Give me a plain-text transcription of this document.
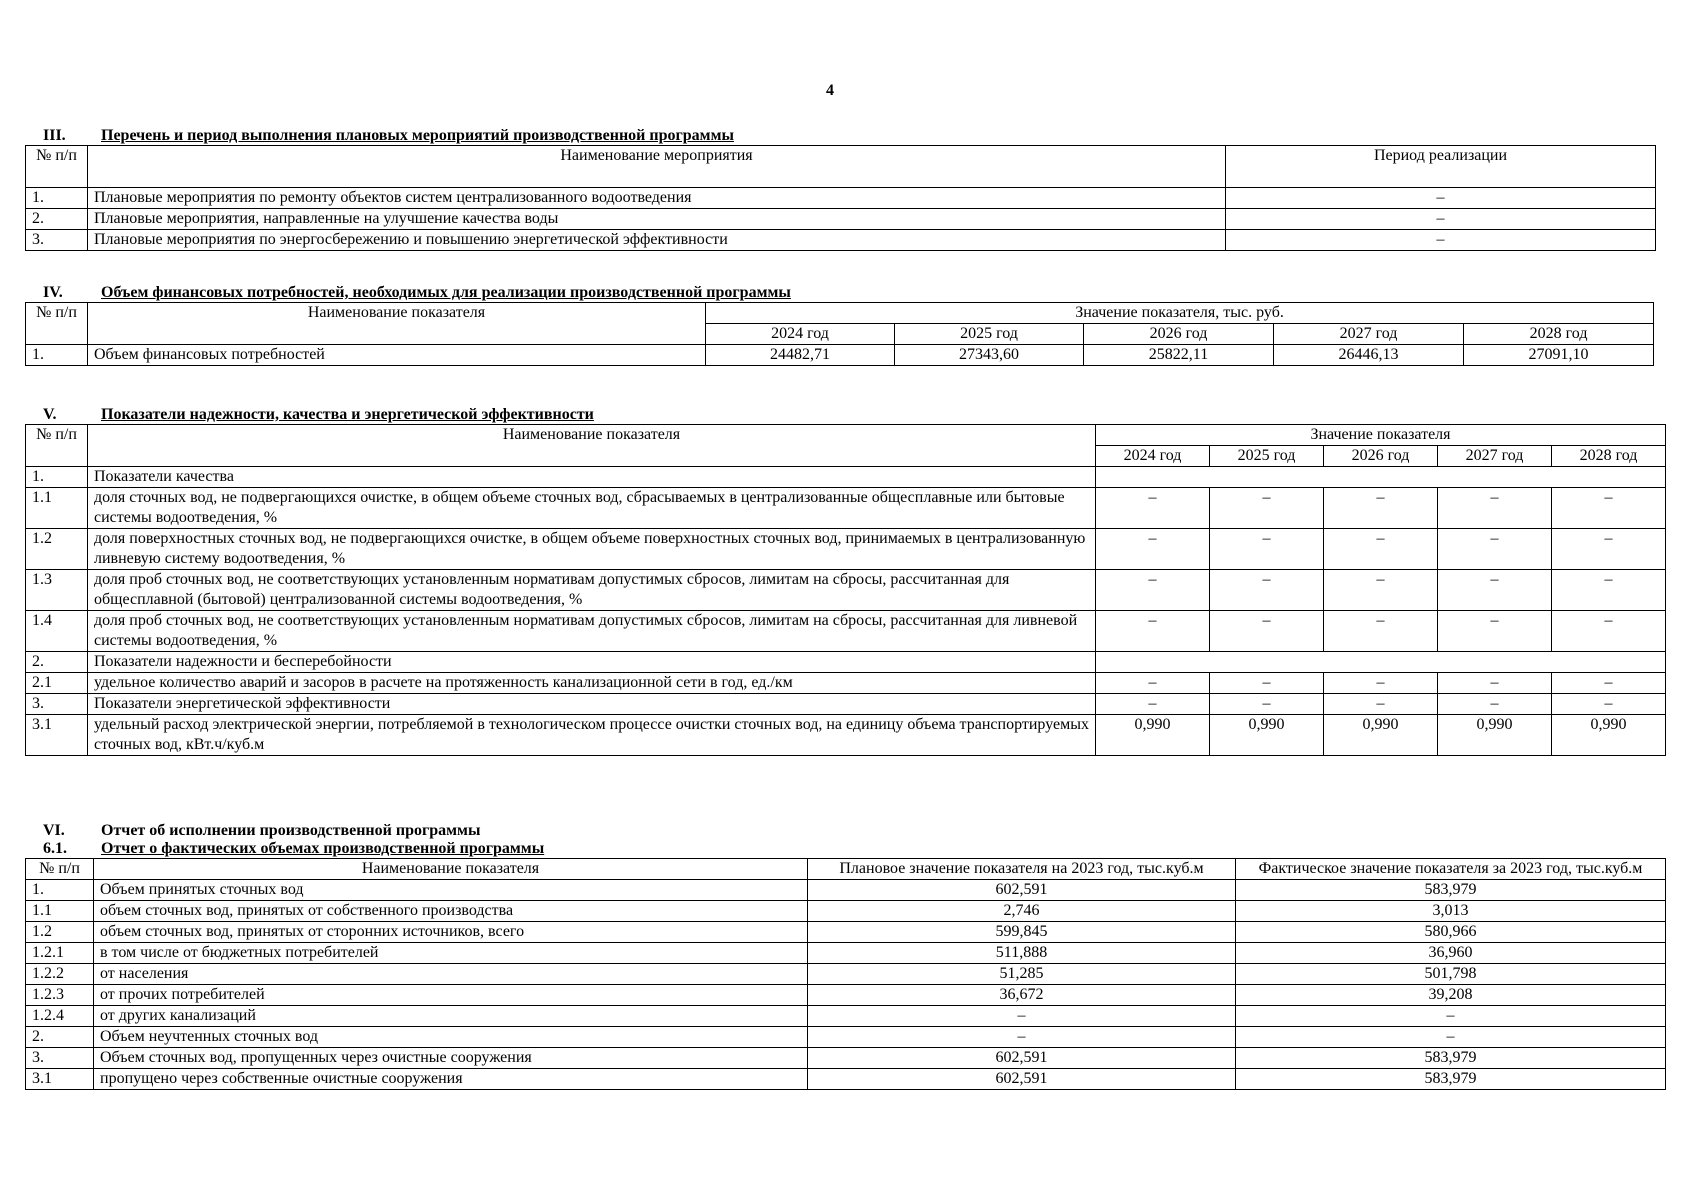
4
III.	Перечень и период выполнения плановых мероприятий производственной программы
№ п/п	Наименование мероприятия	Период реализации
1.	Плановые мероприятия по ремонту объектов систем централизованного водоотведения	–
2.	Плановые мероприятия, направленные на улучшение качества воды	–
3.	Плановые мероприятия по энергосбережению и повышению энергетической эффективности	–
IV.	Объем финансовых потребностей, необходимых для реализации производственной программы
№ п/п	Наименование показателя	Значение показателя, тыс. руб.				
		2024 год	2025 год	2026 год	2027 год	2028 год
1.	Объем финансовых потребностей	24482,71	27343,60	25822,11	26446,13	27091,10
V.	Показатели надежности, качества и энергетической эффективности
№ п/п	Наименование показателя	Значение показателя				
		2024 год	2025 год	2026 год	2027 год	2028 год
1.	Показатели качества					
1.1	доля сточных вод, не подвергающихся очистке, в общем объеме сточных вод, сбрасываемых в централизованные общесплавные или бытовые системы водоотведения, %	–	–	–	–	–
1.2	доля поверхностных сточных вод, не подвергающихся очистке, в общем объеме поверхностных сточных вод, принимаемых в централизованную ливневую систему водоотведения, %	–	–	–	–	–
1.3	доля проб сточных вод, не соответствующих установленным нормативам допустимых сбросов, лимитам на сбросы, рассчитанная для общесплавной (бытовой) централизованной системы водоотведения, %	–	–	–	–	–
1.4	доля проб сточных вод, не соответствующих установленным нормативам допустимых сбросов, лимитам на сбросы, рассчитанная для ливневой системы водоотведения, %	–	–	–	–	–
2.	Показатели надежности и бесперебойности					
2.1	удельное количество аварий и засоров в расчете на протяженность канализационной сети в год, ед./км	–	–	–	–	–
3.	Показатели энергетической эффективности	–	–	–	–	–
3.1	удельный расход электрической энергии, потребляемой в технологическом процессе очистки сточных вод, на единицу объема транспортируемых сточных вод, кВт.ч/куб.м	0,990	0,990	0,990	0,990	0,990
VI.	Отчет об исполнении производственной программы
6.1.	Отчет о фактических объемах производственной программы
№ п/п	Наименование показателя	Плановое значение показателя на 2023 год, тыс.куб.м	Фактическое значение показателя за 2023 год, тыс.куб.м
1.	Объем принятых сточных вод	602,591	583,979
1.1	объем сточных вод, принятых от собственного производства	2,746	3,013
1.2	объем сточных вод, принятых от сторонних источников, всего	599,845	580,966
1.2.1	в том числе от бюджетных потребителей	511,888	36,960
1.2.2	от населения	51,285	501,798
1.2.3	от прочих потребителей	36,672	39,208
1.2.4	от других канализаций	–	–
2.	Объем неучтенных сточных вод	–	–
3.	Объем сточных вод, пропущенных через очистные сооружения	602,591	583,979
3.1	пропущено через собственные очистные сооружения	602,591	583,979
